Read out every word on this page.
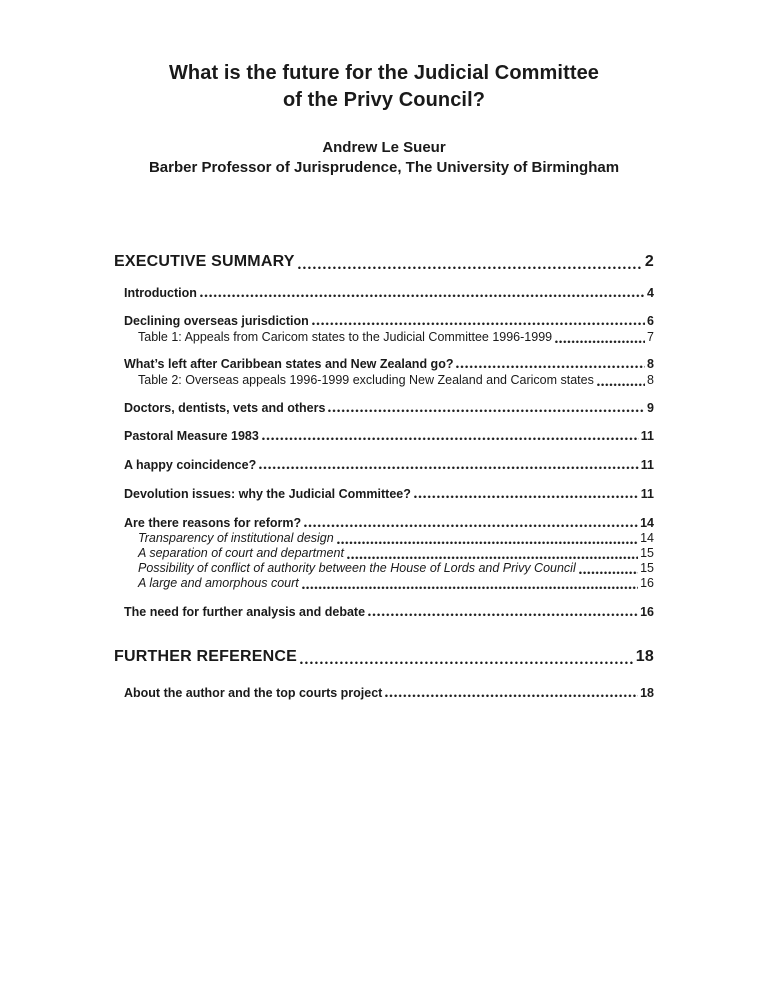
What is the future for the Judicial Committee
of the Privy Council?
Andrew Le Sueur
Barber Professor of Jurisprudence, The University of Birmingham
EXECUTIVE SUMMARY	2
Introduction	4
Declining overseas jurisdiction	6
Table 1: Appeals from Caricom states to the Judicial Committee 1996-1999	7
What’s left after Caribbean states and New Zealand go?	8
Table 2: Overseas appeals 1996-1999 excluding New Zealand and Caricom states	8
Doctors, dentists, vets and others	9
Pastoral Measure 1983	11
A happy coincidence?	11
Devolution issues: why the Judicial Committee?	11
Are there reasons for reform?	14
Transparency of institutional design	14
A separation of court and department	15
Possibility of conflict of authority between the House of Lords and Privy Council	15
A large and amorphous court	16
The need for further analysis and debate	16
FURTHER REFERENCE	18
About the author and the top courts project	18
